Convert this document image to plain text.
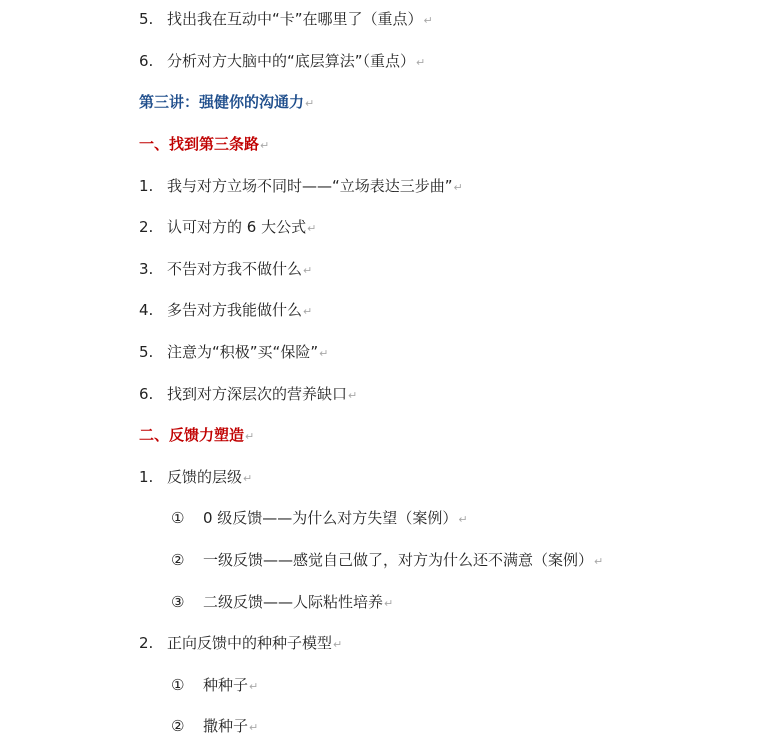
5. 找出我在互动中“卡”在哪里了（重点）↵
6. 分析对方大脑中的“底层算法”（重点）↵
第三讲：强健你的沟通力↵
一、找到第三条路↵
1. 我与对方立场不同时——“立场表达三步曲”↵
2. 认可对方的 6 大公式↵
3. 不告对方我不做什么↵
4. 多告对方我能做什么↵
5. 注意为“积极”买“保险”↵
6. 找到对方深层次的营养缺口↵
二、反馈力塑造↵
1. 反馈的层级↵
① 0 级反馈——为什么对方失望（案例）↵
② 一级反馈——感觉自己做了，对方为什么还不满意（案例）↵
③ 二级反馈——人际粘性培养↵
2. 正向反馈中的种种子模型↵
① 种种子↵
② 撒种子↵
